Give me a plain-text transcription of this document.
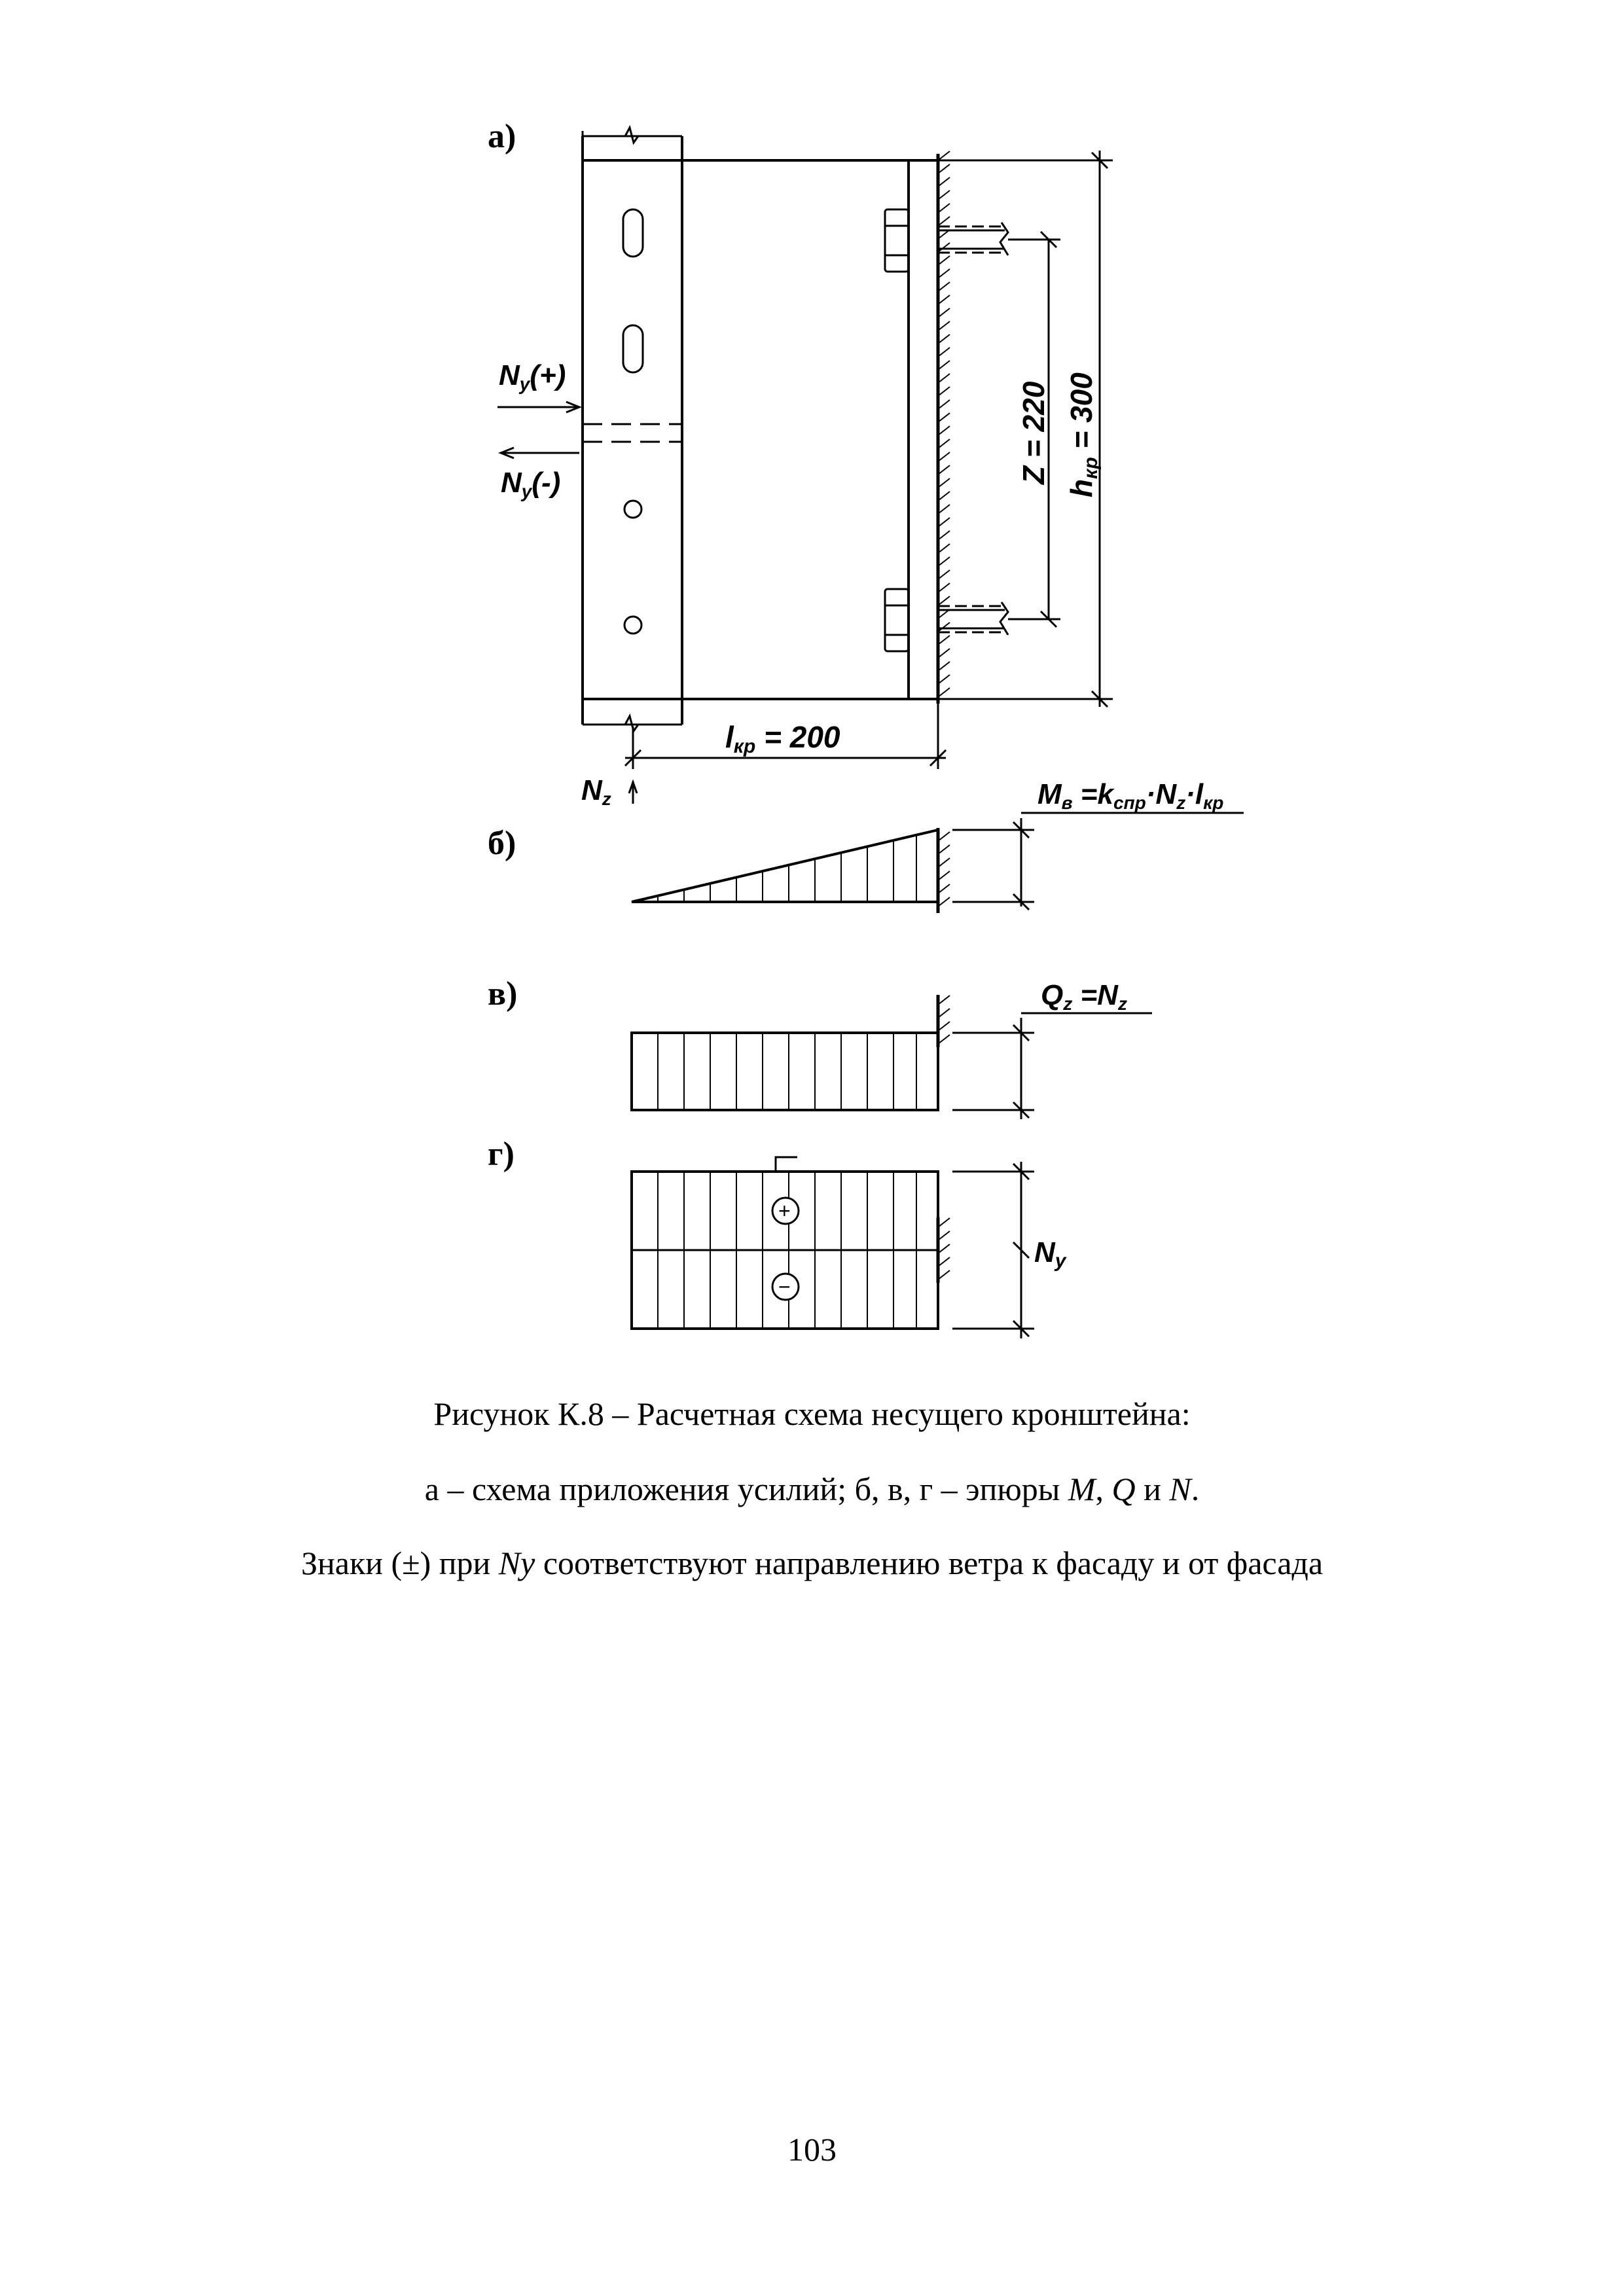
а)
Ny(+)
Ny(-)	Z = 220
hкр = 300
lкр = 200
Nz
б)
Mв =kспр·Nz·lкр
в)	Qz =Nz
г)
+
−
Ny

Рисунок К.8 – Расчетная схема несущего кронштейна:

а – схема приложения усилий; б, в, г – эпюры M, Q и N.

Знаки (±) при Ny соответствуют направлению ветра к фасаду и от фасада

103
